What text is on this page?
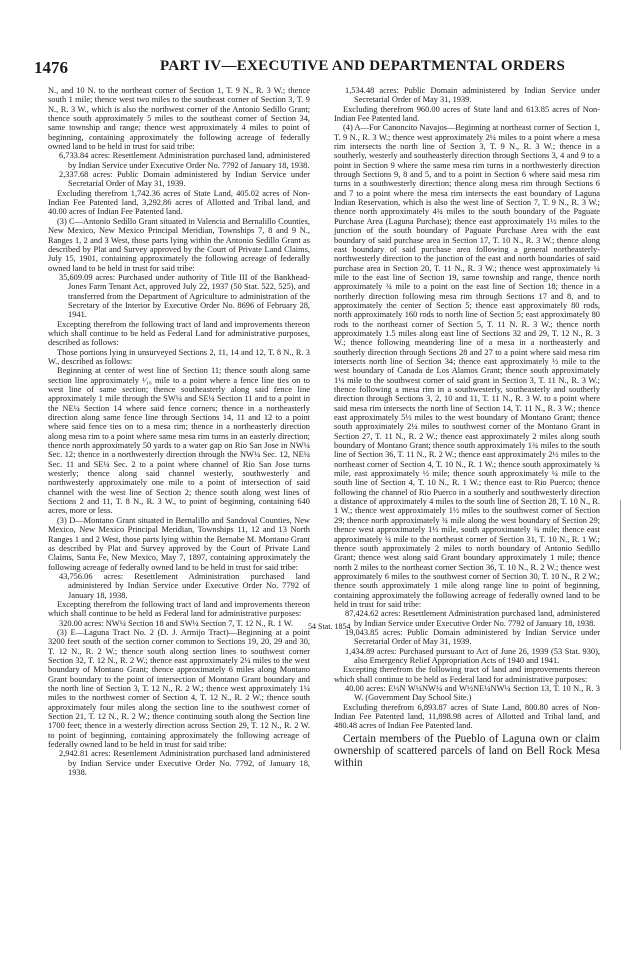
1476	PART IV—EXECUTIVE AND DEPARTMENTAL ORDERS

N., and 10 N. to the northeast corner of Section 1, T. 9 N., R. 3 W.; thence south 1 mile; thence west two miles to the southeast corner of Section 3, T. 9 N., R. 3 W., which is also the northwest corner of the Antonio Sedillo Grant; thence south approximately 5 miles to the southeast corner of Section 34, same township and range; thence west approximately 4 miles to point of beginning, containing approximately the following acreage of federally owned land to be held in trust for said tribe:

6,733.84 acres: Resettlement Administration purchased land, administered by Indian Service under Executive Order No. 7792 of January 18, 1938.

2,337.68 acres: Public Domain administered by Indian Service under Secretarial Order of May 31, 1939.

Excluding therefrom 1,742.36 acres of State Land, 405.02 acres of Non-Indian Fee Patented land, 3,292.86 acres of Allotted and Tribal land, and 40.00 acres of Indian Fee Patented land.

(3) C—Antonio Sedillo Grant situated in Valencia and Bernalillo Counties, New Mexico, New Mexico Principal Meridian, Townships 7, 8 and 9 N., Ranges 1, 2 and 3 West, those parts lying within the Antonio Sedillo Grant as described by Plat and Survey approved by the Court of Private Land Claims, July 15, 1901, containing approximately the following acreage of federally owned land to be held in trust for said tribe:

35,609.09 acres: Purchased under authority of Title III of the Bankhead-Jones Farm Tenant Act, approved July 22, 1937 (50 Stat. 522, 525), and transferred from the Department of Agriculture to administration of the Secretary of the Interior by Executive Order No. 8696 of February 28, 1941.

Excepting therefrom the following tract of land and improvements thereon which shall continue to be held as Federal Land for administrative purposes, described as follows:

Those portions lying in unsurveyed Sections 2, 11, 14 and 12, T. 8 N., R. 3 W., described as follows:

Beginning at center of west line of Section 11; thence south along same section line approximately ¹⁄₁₆ mile to a point where a fence line ties on to west line of same section; thence southeasterly along said fence line approximately 1 mile through the SW¼ and SE¼ Section 11 and to a point in the NE¼ Section 14 where said fence corners; thence in a northeasterly direction along same fence line through Sections 14, 11 and 12 to a point where said fence ties on to a mesa rim; thence in a northeasterly direction along mesa rim to a point where same mesa rim turns in an easterly direction; thence north approximately 50 yards to a water gap on Rio San Jose in NW¼ Sec. 12; thence in a northwesterly direction through the NW¼ Sec. 12, NE¼ Sec. 11 and SE¼ Sec. 2 to a point where channel of Rio San Jose turns westerly; thence along said channel westerly, southwesterly and northwesterly approximately one mile to a point of intersection of said channel with the west line of Section 2; thence south along west lines of Sections 2 and 11, T. 8 N., R. 3 W., to point of beginning, containing 640 acres, more or less.

(3) D—Montano Grant situated in Bernalillo and Sandoval Counties, New Mexico, New Mexico Principal Meridian, Townships 11, 12 and 13 North Ranges 1 and 2 West, those parts lying within the Bernabe M. Montano Grant as described by Plat and Survey approved by the Court of Private Land Claims, Santa Fe, New Mexico, May 7, 1897, containing approximately the following acreage of federally owned land to be held in trust for said tribe:

43,756.06 acres: Resettlement Administration purchased land administered by Indian Service under Executive Order No. 7792 of January 18, 1938.

Excepting therefrom the following tract of land and improvements thereon which shall continue to be held as Federal land for administrative purposes:

320.00 acres: NW¼ Section 18 and SW¼ Section 7, T. 12 N., R. 1 W.

(3) E—Laguna Tract No. 2 (D. J. Armijo Tract)—Beginning at a point 3200 feet south of the section corner common to Sections 19, 20, 29 and 30, T. 12 N., R. 2 W.; thence south along section lines to southwest corner Section 32, T. 12 N., R. 2 W.; thence east approximately 2¼ miles to the west boundary of Montano Grant; thence approximately 6 miles along Montano Grant boundary to the point of intersection of Montano Grant boundary and the north line of Section 3, T. 12 N., R. 2 W.; thence west approximately 1¼ miles to the northwest corner of Section 4, T. 12 N., R. 2 W.; thence south approximately four miles along the section line to the southwest corner of Section 21, T. 12 N., R. 2 W.; thence continuing south along the Section line 1700 feet; thence in a westerly direction across Section 29, T. 12 N., R. 2 W. to point of beginning, containing approximately the following acreage of federally owned land to be held in trust for said tribe:

2,942.81 acres: Resettlement Administration purchased land administered by Indian Service under Executive Order No. 7792, of January 18, 1938.

1,534.48 acres: Public Domain administered by Indian Service under Secretarial Order of May 31, 1939.

Excluding therefrom 960.00 acres of State land and 613.85 acres of Non-Indian Fee Patented land.

(4) A—For Canoncito Navajos—Beginning at northeast corner of Section 1, T. 9 N., R. 3 W.; thence west approximately 2¼ miles to a point where a mesa rim intersects the north line of Section 3, T. 9 N., R. 3 W.; thence in a southerly, westerly and southeasterly direction through Sections 3, 4 and 9 to a point in Section 9 where the same mesa rim turns in a northwesterly direction through Sections 9, 8 and 5, and to a point in Section 6 where said mesa rim turns in a southwesterly direction; thence along mesa rim through Sections 6 and 7 to a point where the mesa rim intersects the east boundary of Laguna Indian Reservation, which is also the west line of Section 7, T. 9 N., R. 3 W.; thence north approximately 4¾ miles to the south boundary of the Paguate Purchase Area (Laguna Purchase); thence east approximately 1½ miles to the junction of the south boundary of Paguate Purchase Area with the east boundary of said purchase area in Section 17, T. 10 N., R. 3 W.; thence along east boundary of said purchase area following a general northeasterly-northwesterly direction to the junction of the east and north boundaries of said purchase area in Section 20, T. 11 N., R. 3 W.; thence west approximately ¼ mile to the east line of Section 19, same township and range, thence north approximately ¾ mile to a point on the east line of Section 18; thence in a northerly direction following mesa rim through Sections 17 and 8, and to approximately the center of Section 5; thence east approximately 80 rods, north approximately 160 rods to north line of Section 5; east approximately 80 rods to the northeast corner of Section 5, T. 11 N. R. 3 W.; thence north approximately 1.5 miles along east line of Sections 32 and 29, T. 12 N., R. 3 W.; thence following meandering line of a mesa in a northeasterly and southerly direction through Sections 28 and 27 to a point where said mesa rim intersects north line of Section 34; thence east approximately ½ mile to the west boundary of Canada de Los Alamos Grant; thence south approximately 1¼ mile to the southwest corner of said grant in Section 3, T. 11 N., R. 3 W.; thence following a mesa rim in a southwesterly, southeasterly and southerly direction through Sections 3, 2, 10 and 11, T. 11 N., R. 3 W. to a point where said mesa rim intersects the north line of Section 14, T. 11 N., R. 3 W.; thence east approximately 5½ miles to the west boundary of Montano Grant; thence south approximately 2¼ miles to southwest corner of the Montano Grant in Section 27, T. 11 N., R. 2 W.; thence east approximately 2 miles along south boundary of Montano Grant; thence south approximately 1¾ miles to the south line of Section 36, T. 11 N., R. 2 W.; thence east approximately 2½ miles to the northeast corner of Section 4, T. 10 N., R. 1 W.; thence south approximately ¾ mile, east approximately ½ mile; thence south approximately ¼ mile to the south line of Section 4, T. 10 N., R. 1 W.; thence east to Rio Puerco; thence following the channel of Rio Puerco in a southerly and southwesterly direction a distance of approximately 4 miles to the south line of Section 28, T. 10 N., R. 1 W.; thence west approximately 1½ miles to the southwest corner of Section 29; thence north approximately ¾ mile along the west boundary of Section 29; thence west approximately 1½ mile, south approximately ¾ mile; thence east approximately ¼ mile to the northeast corner of Section 31, T. 10 N., R. 1 W.; thence south approximately 2 miles to north boundary of Antonio Sedillo Grant; thence west along said Grant boundary approximately 1 mile; thence north 2 miles to the northeast corner Section 36, T. 10 N., R. 2 W.; thence west approximately 6 miles to the southwest corner of Section 30, T. 10 N., R 2 W.; thence south approximately 1 mile along range line to point of beginning, containing approximately the following acreage of federally owned land to be held in trust for said tribe:

87,424.62 acres: Resettlement Administration purchased land, administered by Indian Service under Executive Order No. 7792 of January 18, 1938.

19,043.85 acres: Public Domain administered by Indian Service under Secretarial Order of May 31, 1939.

1,434.89 acres: Purchased pursuant to Act of June 26, 1939 (53 Stat. 930), also Emergency Relief Appropriation Acts of 1940 and 1941.

Excepting therefrom the following tract of land and improvements thereon which shall continue to be held as Federal land for administrative purposes:

40.00 acres: E½N W¼NW¼ and W½NE¼NW¼ Section 13, T. 10 N., R. 3 W. (Government Day School Site.)

Excluding therefrom 6,893.87 acres of State Land, 800.80 acres of Non-Indian Fee Patented land, 11,898.98 acres of Allotted and Tribal land, and 480.48 acres of Indian Fee Patented land.

Certain members of the Pueblo of Laguna own or claim ownership of scattered parcels of land on Bell Rock Mesa within

54 Stat. 1854
